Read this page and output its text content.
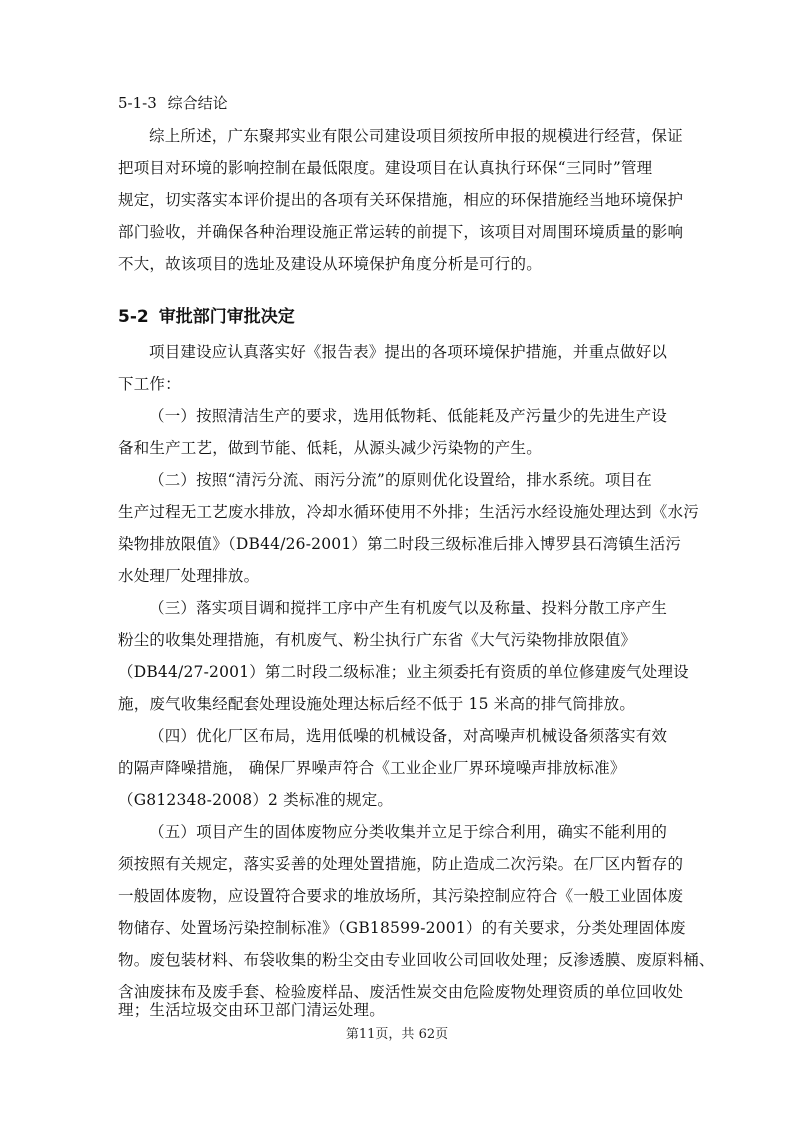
5-1-3 综合结论
综上所述，广东聚邦实业有限公司建设项目须按所申报的规模进行经营，保证
把项目对环境的影响控制在最低限度。建设项目在认真执行环保“三同时”管理
规定，切实落实本评价提出的各项有关环保措施，相应的环保措施经当地环境保护
部门验收，并确保各种治理设施正常运转的前提下，该项目对周围环境质量的影响
不大，故该项目的选址及建设从环境保护角度分析是可行的。
5-2 审批部门审批决定
项目建设应认真落实好《报告表》提出的各项环境保护措施，并重点做好以
下工作：
（一）按照清洁生产的要求，选用低物耗、低能耗及产污量少的先进生产设
备和生产工艺，做到节能、低耗，从源头减少污染物的产生。
（二）按照“清污分流、雨污分流”的原则优化设置给，排水系统。项目在
生产过程无工艺废水排放，冷却水循环使用不外排；生活污水经设施处理达到《水污
染物排放限值》（DB44/26-2001）第二时段三级标准后排入博罗县石湾镇生活污
水处理厂处理排放。
（三）落实项目调和搅拌工序中产生有机废气以及称量、投料分散工序产生
粉尘的收集处理措施，有机废气、粉尘执行广东省《大气污染物排放限值》
（DB44/27-2001）第二时段二级标准；业主须委托有资质的单位修建废气处理设
施，废气收集经配套处理设施处理达标后经不低于 15 米高的排气筒排放。
（四）优化厂区布局，选用低噪的机械设备，对高噪声机械设备须落实有效
的隔声降噪措施， 确保厂界噪声符合《工业企业厂界环境噪声排放标准》
（G812348-2008）2 类标准的规定。
（五）项目产生的固体废物应分类收集并立足于综合利用，确实不能利用的
须按照有关规定，落实妥善的处理处置措施，防止造成二次污染。在厂区内暂存的
一般固体废物，应设置符合要求的堆放场所，其污染控制应符合《一般工业固体废
物储存、处置场污染控制标准》（GB18599-2001）的有关要求，分类处理固体废
物。废包装材料、布袋收集的粉尘交由专业回收公司回收处理；反渗透膜、废原料桶、
含油废抹布及废手套、检验废样品、废活性炭交由危险废物处理资质的单位回收处
理；生活垃圾交由环卫部门清运处理。
第11页，共 62页
